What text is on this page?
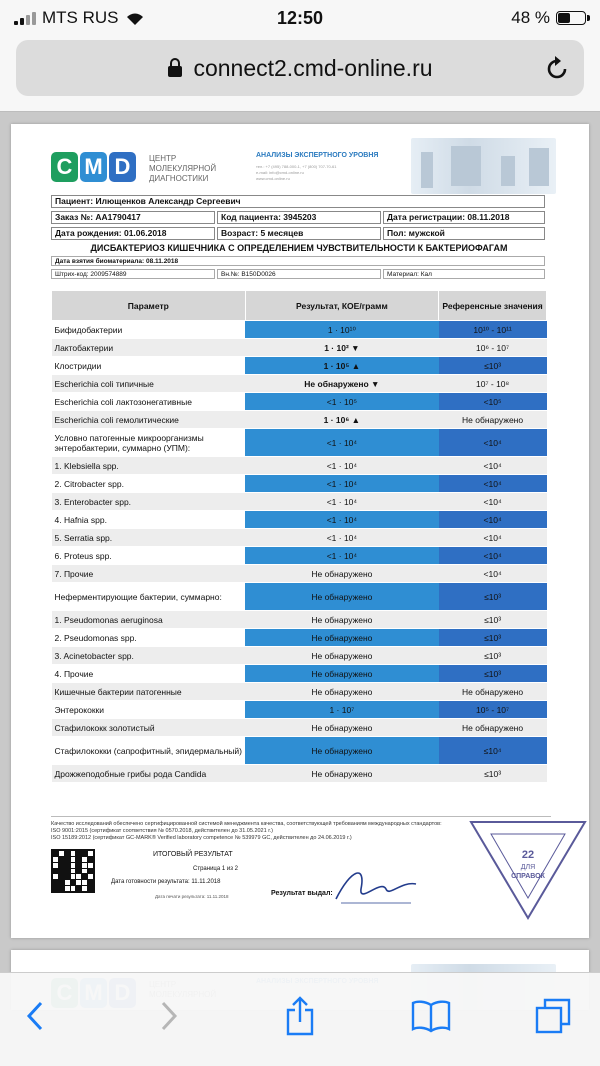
MTS RUS	12:50	48 %
connect2.cmd-online.ru
C M D	ЦЕНТР
МОЛЕКУЛЯРНОЙ
ДИАГНОСТИКИ
АНАЛИЗЫ ЭКСПЕРТНОГО УРОВНЯ
тел.: +7 (495) 788-000-1, +7 (800) 707-70-61
e-mail: info@cmd-online.ru
www.cmd-online.ru
Пациент: Илющенков Александр Сергеевич
Заказ №: AA1790417	Код пациента: 3945203	Дата регистрации: 08.11.2018
Дата рождения: 01.06.2018	Возраст: 5 месяцев	Пол: мужской
ДИСБАКТЕРИОЗ КИШЕЧНИКА С ОПРЕДЕЛЕНИЕМ ЧУВСТВИТЕЛЬНОСТИ К БАКТЕРИОФАГАМ
Дата взятия биоматериала: 08.11.2018
Штрих-код: 2009574889	Вн.№: B150D0026	Материал: Кал
Параметр	Результат, КОЕ/грамм	Референсные значения
Бифидобактерии	1 · 10¹⁰	10¹⁰ - 10¹¹
Лактобактерии	1 · 10² ▼	10⁶ - 10⁷
Клостридии	1 · 10⁵ ▲	≤10³
Escherichia coli типичные	Не обнаружено ▼	10⁷ - 10⁸
Escherichia coli лактозонегативные	<1 · 10⁵	<10⁵
Escherichia coli гемолитические	1 · 10⁶ ▲	Не обнаружено
Условно патогенные микроорганизмы энтеробактерии, суммарно (УПМ):	<1 · 10⁴	<10⁴
1. Klebsiella spp.	<1 · 10⁴	<10⁴
2. Citrobacter spp.	<1 · 10⁴	<10⁴
3. Enterobacter spp.	<1 · 10⁴	<10⁴
4. Hafnia spp.	<1 · 10⁴	<10⁴
5. Serratia spp.	<1 · 10⁴	<10⁴
6. Proteus spp.	<1 · 10⁴	<10⁴
7. Прочие	Не обнаружено	<10⁴
Неферментирующие бактерии, суммарно:	Не обнаружено	≤10³
1. Pseudomonas aeruginosa	Не обнаружено	≤10³
2. Pseudomonas spp.	Не обнаружено	≤10³
3. Acinetobacter spp.	Не обнаружено	≤10³
4. Прочие	Не обнаружено	≤10³
Кишечные бактерии патогенные	Не обнаружено	Не обнаружено
Энтерококки	1 · 10⁷	10⁵ - 10⁷
Стафилококк золотистый	Не обнаружено	Не обнаружено
Стафилококки (сапрофитный, эпидермальный)	Не обнаружено	≤10⁴
Дрожжеподобные грибы рода Candida	Не обнаружено	≤10³
Качество исследований обеспечено сертифицированной системой менеджмента качества, соответствующей требованиям международных стандартов:
ISO 9001:2015 (сертификат соответствия № 0570.2018, действителен до 31.05.2021 г.)
ISO 15189:2012 (сертификат GC-MARK® Verified laboratory competence № 539979 GC, действителен до 24.06.2019 г.)
ИТОГОВЫЙ РЕЗУЛЬТАТ
Страница 1 из 2
Дата готовности результата: 11.11.2018
Дата печати результата: 11.11.2018	Результат выдал:
22
ДЛЯ
СПРАВОК
